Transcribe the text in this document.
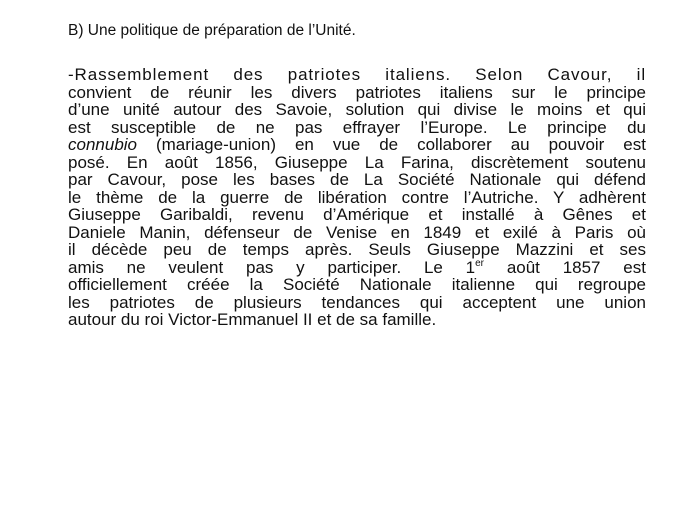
B) Une politique de préparation de l’Unité.
-Rassemblement des patriotes italiens. Selon Cavour, il
convient de réunir les divers patriotes italiens sur le principe
d’une unité autour des Savoie, solution qui divise le moins et qui
est susceptible de ne pas effrayer l’Europe. Le principe du
connubio (mariage-union) en vue de collaborer au pouvoir est
posé. En août 1856, Giuseppe La Farina, discrètement soutenu
par Cavour, pose les bases de La Société Nationale qui défend
le thème de la guerre de libération contre l’Autriche. Y adhèrent
Giuseppe Garibaldi, revenu d’Amérique et installé à Gênes et
Daniele Manin, défenseur de Venise en 1849 et exilé à Paris où
il décède peu de temps après. Seuls Giuseppe Mazzini et ses
amis ne veulent pas y participer. Le 1er août 1857 est
officiellement créée la Société Nationale italienne qui regroupe
les patriotes de plusieurs tendances qui acceptent une union
autour du roi Victor-Emmanuel II et de sa famille.
